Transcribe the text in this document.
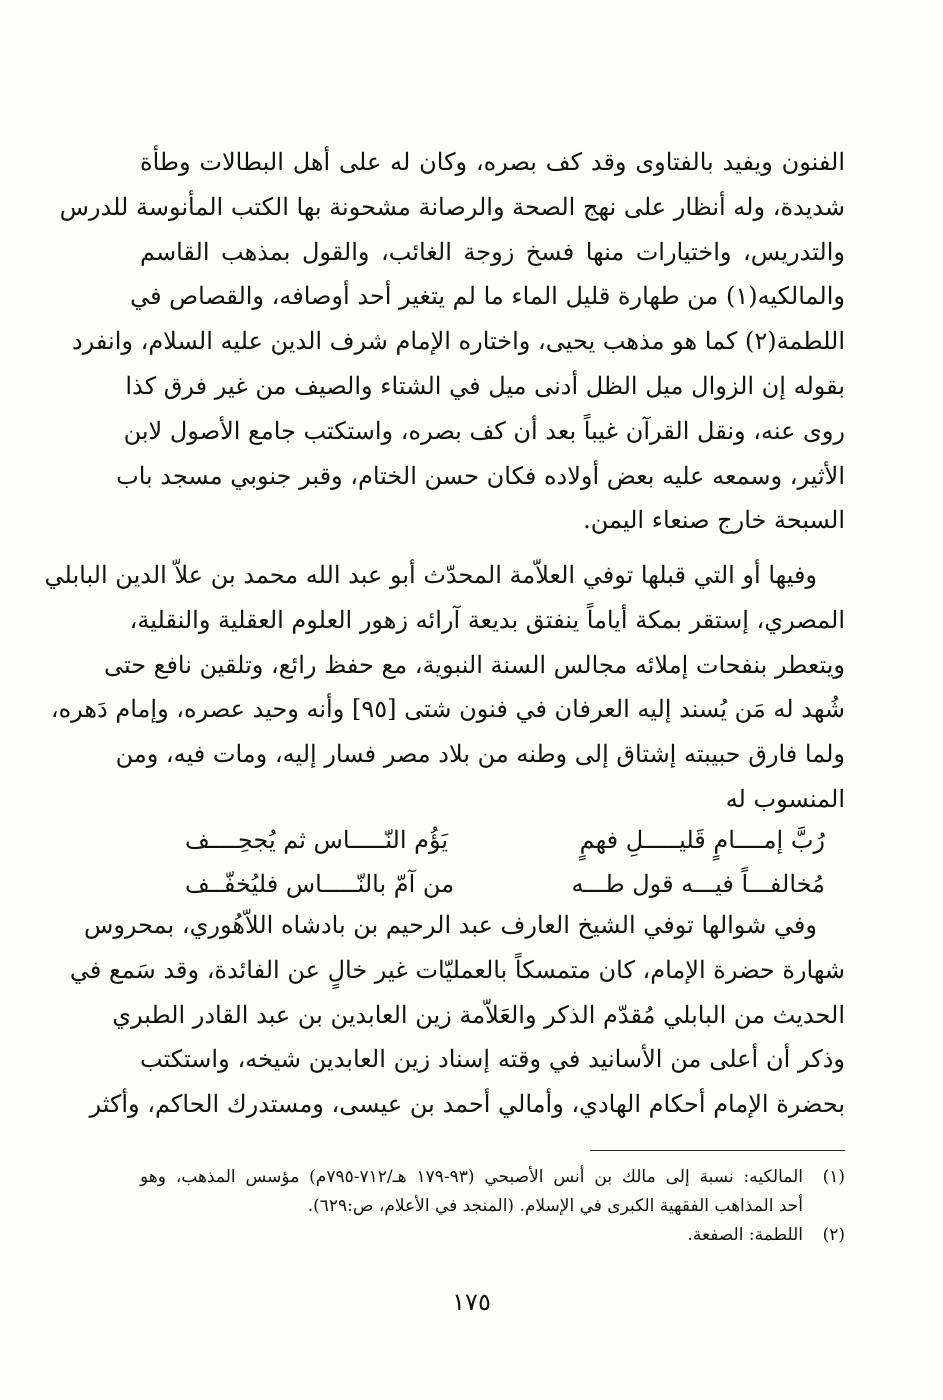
الفنون ويفيد بالفتاوى وقد كف بصره، وكان له على أهل البطالات وطأة
شديدة، وله أنظار على نهج الصحة والرصانة مشحونة بها الكتب المأنوسة للدرس
والتدريس، واختيارات منها فسخ زوجة الغائب، والقول بمذهب القاسم
والمالكيه(١) من طهارة قليل الماء ما لم يتغير أحد أوصافه، والقصاص في
اللطمة(٢) كما هو مذهب يحيى، واختاره الإمام شرف الدين عليه السلام، وانفرد
بقوله إن الزوال ميل الظل أدنى ميل في الشتاء والصيف من غير فرق كذا
روى عنه، ونقل القرآن غيباً بعد أن كف بصره، واستكتب جامع الأصول لابن
الأثير، وسمعه عليه بعض أولاده فكان حسن الختام، وقبر جنوبي مسجد باب
السبحة خارج صنعاء اليمن.
وفيها أو التي قبلها توفي العلاّمة المحدّث أبو عبد الله محمد بن علاّ الدين البابلي
المصري، إستقر بمكة أياماً ينفتق بديعة آرائه زهور العلوم العقلية والنقلية،
ويتعطر بنفحات إملائه مجالس السنة النبوية، مع حفظ رائع، وتلقين نافع حتى
شُهد له مَن يُسند إليه العرفان في فنون شتى [٩٥] وأنه وحيد عصره، وإمام دَهره،
ولما فارق حبيبته إشتاق إلى وطنه من بلاد مصر فسار إليه، ومات فيه، ومن
المنسوب له
رُبَّ إمــــامٍ قَليـــــلِ فهمٍ
يَؤُم النّـــــاس ثم يُجحِــــف
مُخالفـــاً فيـــه قول طـــه
من آمّ بالنّـــــاس فليُخفّــف
وفي شوالها توفي الشيخ العارف عبد الرحيم بن بادشاه اللاّهُوري، بمحروس
شهارة حضرة الإمام، كان متمسكاً بالعمليّات غير خالٍ عن الفائدة، وقد سَمع في
الحديث من البابلي مُقدّم الذكر والعَلاّمة زين العابدين بن عبد القادر الطبري
وذكر أن أعلى من الأسانيد في وقته إسناد زين العابدين شيخه، واستكتب
بحضرة الإمام أحكام الهادي، وأمالي أحمد بن عيسى، ومستدرك الحاكم، وأكثر
(١)
المالكيه: نسبة إلى مالك بن أنس الأصبحي (٩٣-١٧٩ هـ/٧١٢-٧٩٥م) مؤسس المذهب، وهو
أحد المذاهب الفقهية الكبرى في الإسلام. (المنجد في الأعلام، ص:٦٢٩).
(٢)
اللطمة: الصفعة.
١٧٥
